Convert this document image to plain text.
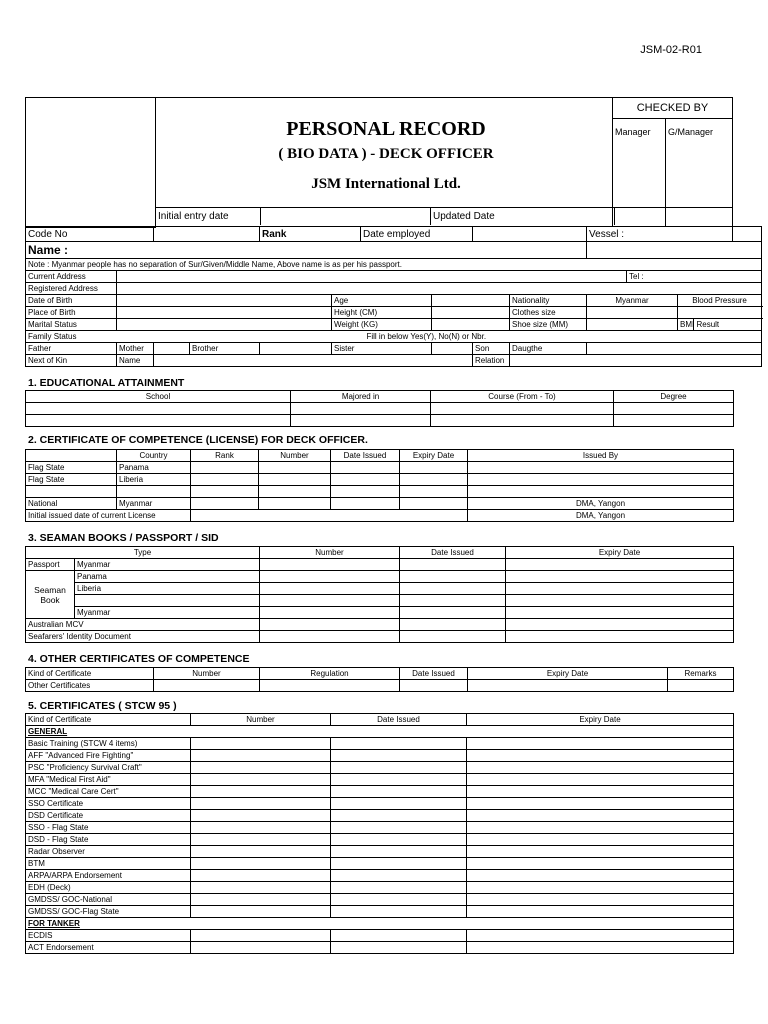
JSM-02-R01
PERSONAL RECORD
( BIO DATA ) - DECK OFFICER
JSM International Ltd.
CHECKED BY
Manager	G/Manager
Initial entry date	Updated Date
Code No				Rank		Date employed				Vessel :			
Name :													
Note : Myanmar people has no separation of Sur/Given/Middle Name, Above name is as per his passport.													
Current Address											Tel :		
Registered Address													
Date of Birth					Age				Nationality	Myanmar		Blood Pressure	
Place of Birth					Height (CM)				Clothes size				
Marital Status					Weight (KG)				Shoe size (MM)			BMI Result	
Family Status Fill in below Yes(Y), No(N) or Nbr.													
Father	Mother		Brother		Sister			Son	Daugthe				
Next of Kin	Name							Relation					
1. EDUCATIONAL ATTAINMENT
School	Majored in	Course (From - To)	Degree

2. CERTIFICATE OF COMPETENCE (LICENSE) FOR DECK OFFICER.
	Country	Rank	Number	Date Issued	Expiry Date	Issued By
Flag State	Panama					
Flag State	Liberia					

National	Myanmar					DMA, Yangon
Initial issued date of current License						DMA, Yangon
3. SEAMAN BOOKS / PASSPORT / SID
Type		Number	Date Issued	Expiry Date	
Passport	Myanmar				
Seaman Book	Panama				
	Liberia				

	Myanmar				
Australian MCV				
Seafarers' Identity Document				
4. OTHER CERTIFICATES OF COMPETENCE
Kind of Certificate	Number	Regulation	Date Issued	Expiry Date	Remarks
Other Certificates					
5. CERTIFICATES ( STCW 95 )
Kind of Certificate	Number	Date Issued	Expiry Date
GENERAL			
Basic Training (STCW 4 items)			
AFF "Advanced Fire Fighting"			
PSC "Proficiency Survival Craft"			
MFA "Medical First Aid"			
MCC "Medical Care Cert"			
SSO Certificate			
DSD Certificate			
SSO - Flag State			
DSD - Flag State			
Radar Observer			
BTM			
ARPA/ARPA Endorsement			
EDH (Deck)			
GMDSS/ GOC-National			
GMDSS/ GOC-Flag State			
FOR TANKER			
ECDIS			
ACT Endorsement			
